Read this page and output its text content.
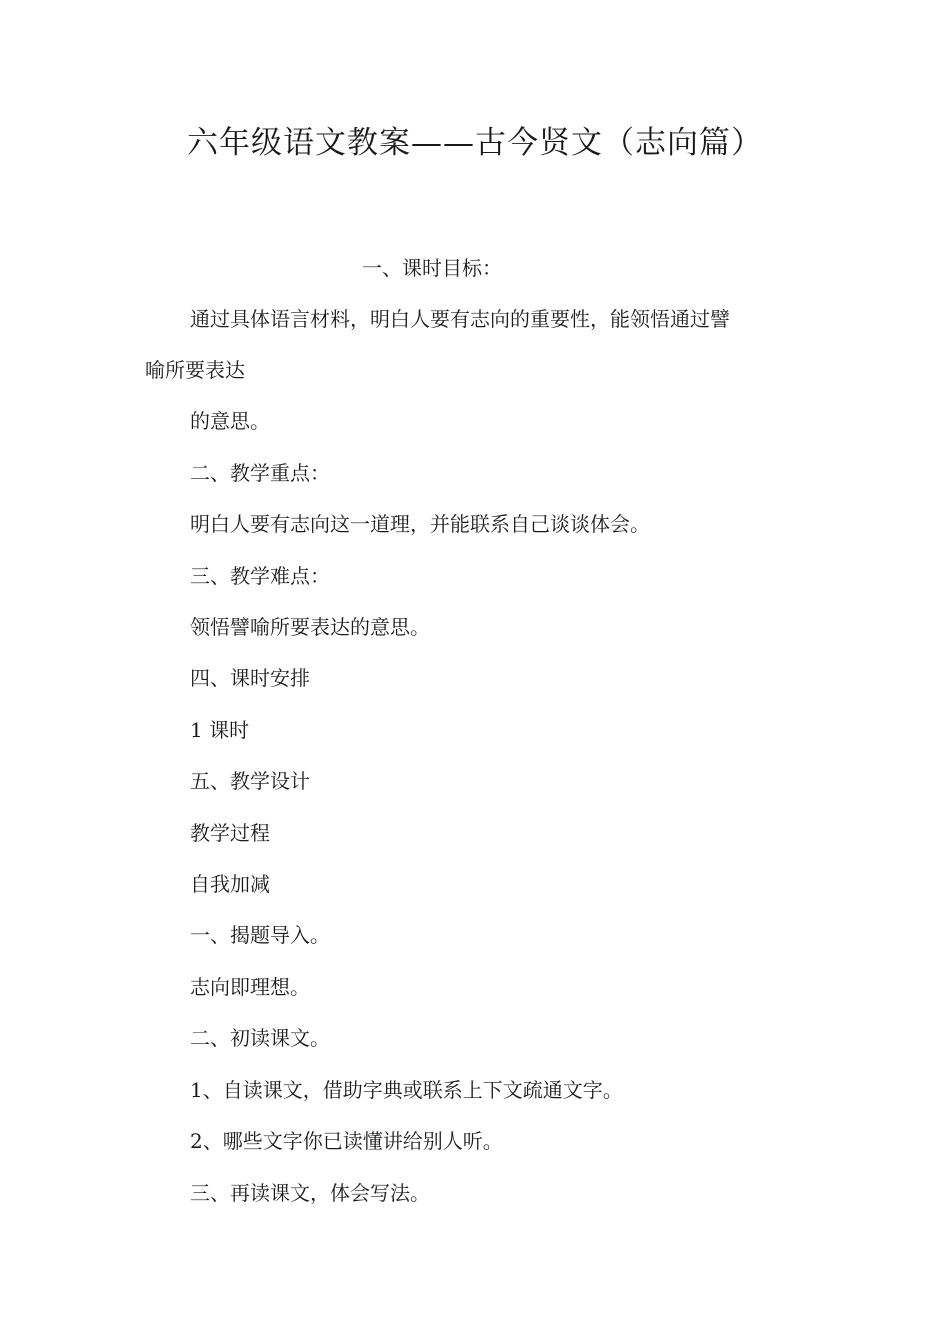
六年级语文教案——古今贤文（志向篇）
一、课时目标：
通过具体语言材料，明白人要有志向的重要性，能领悟通过譬
喻所要表达
的意思。
二、教学重点：
明白人要有志向这一道理，并能联系自己谈谈体会。
三、教学难点：
领悟譬喻所要表达的意思。
四、课时安排
1 课时
五、教学设计
教学过程
自我加减
一、揭题导入。
志向即理想。
二、初读课文。
1、自读课文，借助字典或联系上下文疏通文字。
2、哪些文字你已读懂讲给别人听。
三、再读课文，体会写法。
